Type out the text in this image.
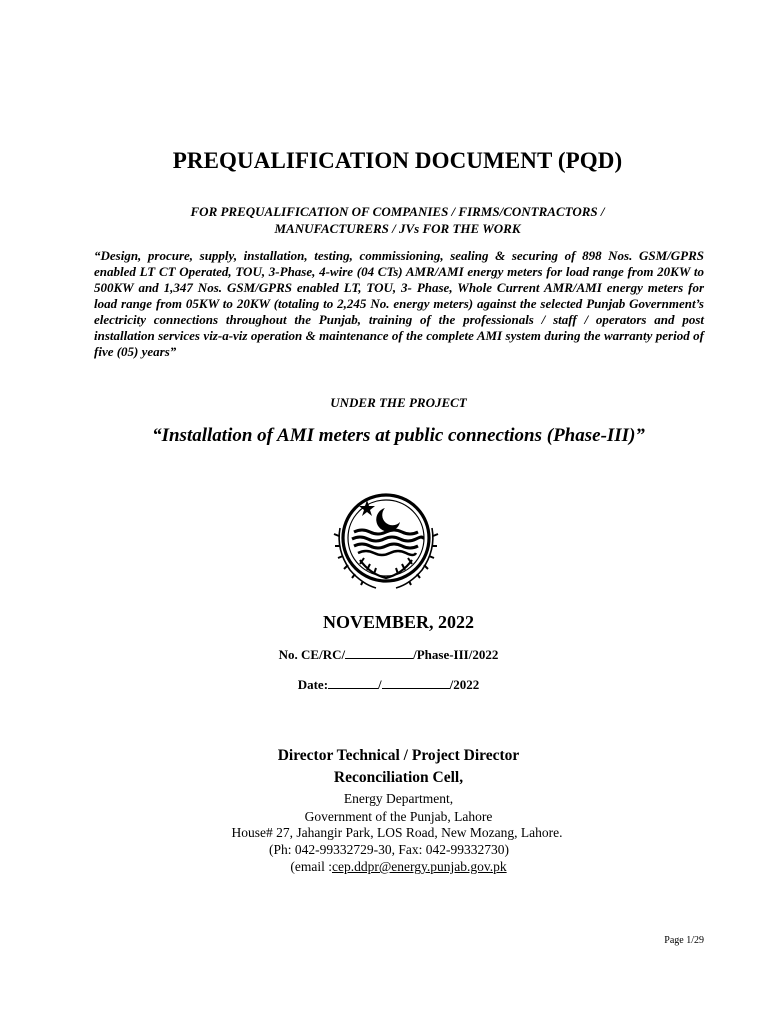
PREQUALIFICATION DOCUMENT (PQD)
FOR PREQUALIFICATION OF COMPANIES / FIRMS/CONTRACTORS /
MANUFACTURERS / JVs FOR THE WORK
“Design, procure, supply, installation, testing, commissioning, sealing & securing of 898 Nos. GSM/GPRS enabled LT CT Operated, TOU, 3-Phase, 4-wire (04 CTs) AMR/AMI energy meters for load range from 20KW to 500KW and 1,347 Nos. GSM/GPRS enabled LT, TOU, 3- Phase, Whole Current AMR/AMI energy meters for load range from 05KW to 20KW (totaling to 2,245 No. energy meters) against the selected Punjab Government’s electricity connections throughout the Punjab, training of the professionals / staff / operators and post installation services viz-a-viz operation & maintenance of the complete AMI system during the warranty period of five (05) years”
UNDER THE PROJECT
“Installation of AMI meters at public connections (Phase-III)”
NOVEMBER, 2022
No. CE/RC/	/Phase-III/2022
Date:	/	/2022
Director Technical / Project Director
Reconciliation Cell,
Energy Department,
Government of the Punjab, Lahore
House# 27, Jahangir Park, LOS Road, New Mozang, Lahore.
(Ph: 042-99332729-30, Fax: 042-99332730)
(email :cep.ddpr@energy.punjab.gov.pk
Page 1/29
